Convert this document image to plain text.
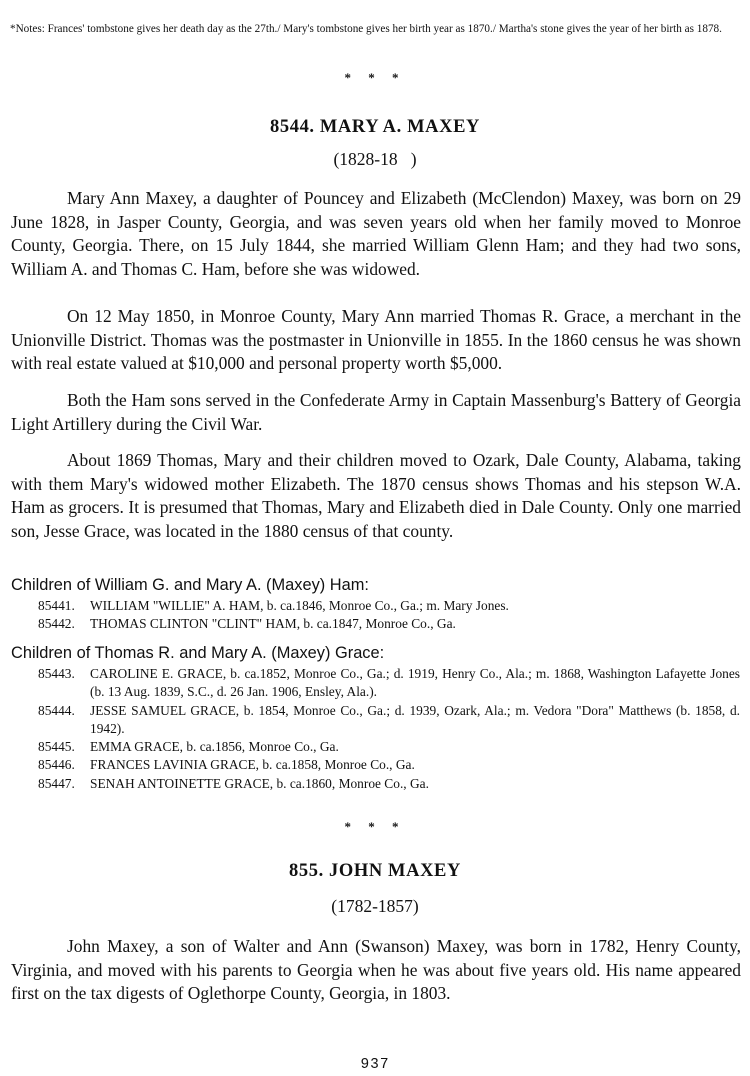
*Notes: Frances' tombstone gives her death day as the 27th./ Mary's tombstone gives her birth year as 1870./ Martha's stone gives the year of her birth as 1878.
* * *
8544. MARY A. MAXEY
(1828-18   )

Mary Ann Maxey, a daughter of Pouncey and Elizabeth (McClendon) Maxey, was born on 29 June 1828, in Jasper County, Georgia, and was seven years old when her family moved to Monroe County, Georgia. There, on 15 July 1844, she married William Glenn Ham; and they had two sons, William A. and Thomas C. Ham, before she was widowed.

On 12 May 1850, in Monroe County, Mary Ann married Thomas R. Grace, a merchant in the Unionville District. Thomas was the postmaster in Unionville in 1855. In the 1860 census he was shown with real estate valued at $10,000 and personal property worth $5,000.

Both the Ham sons served in the Confederate Army in Captain Massenburg's Battery of Georgia Light Artillery during the Civil War.

About 1869 Thomas, Mary and their children moved to Ozark, Dale County, Alabama, taking with them Mary's widowed mother Elizabeth. The 1870 census shows Thomas and his stepson W.A. Ham as grocers. It is presumed that Thomas, Mary and Elizabeth died in Dale County. Only one married son, Jesse Grace, was located in the 1880 census of that county.

Children of William G. and Mary A. (Maxey) Ham:
85441. WILLIAM "WILLIE" A. HAM, b. ca.1846, Monroe Co., Ga.; m. Mary Jones.
85442. THOMAS CLINTON "CLINT" HAM, b. ca.1847, Monroe Co., Ga.
Children of Thomas R. and Mary A. (Maxey) Grace:
85443. CAROLINE E. GRACE, b. ca.1852, Monroe Co., Ga.; d. 1919, Henry Co., Ala.; m. 1868, Washington Lafayette Jones (b. 13 Aug. 1839, S.C., d. 26 Jan. 1906, Ensley, Ala.).
85444. JESSE SAMUEL GRACE, b. 1854, Monroe Co., Ga.; d. 1939, Ozark, Ala.; m. Vedora "Dora" Matthews (b. 1858, d. 1942).
85445. EMMA GRACE, b. ca.1856, Monroe Co., Ga.
85446. FRANCES LAVINIA GRACE, b. ca.1858, Monroe Co., Ga.
85447. SENAH ANTOINETTE GRACE, b. ca.1860, Monroe Co., Ga.
* * *
855. JOHN MAXEY
(1782-1857)

John Maxey, a son of Walter and Ann (Swanson) Maxey, was born in 1782, Henry County, Virginia, and moved with his parents to Georgia when he was about five years old. His name appeared first on the tax digests of Oglethorpe County, Georgia, in 1803.

937
